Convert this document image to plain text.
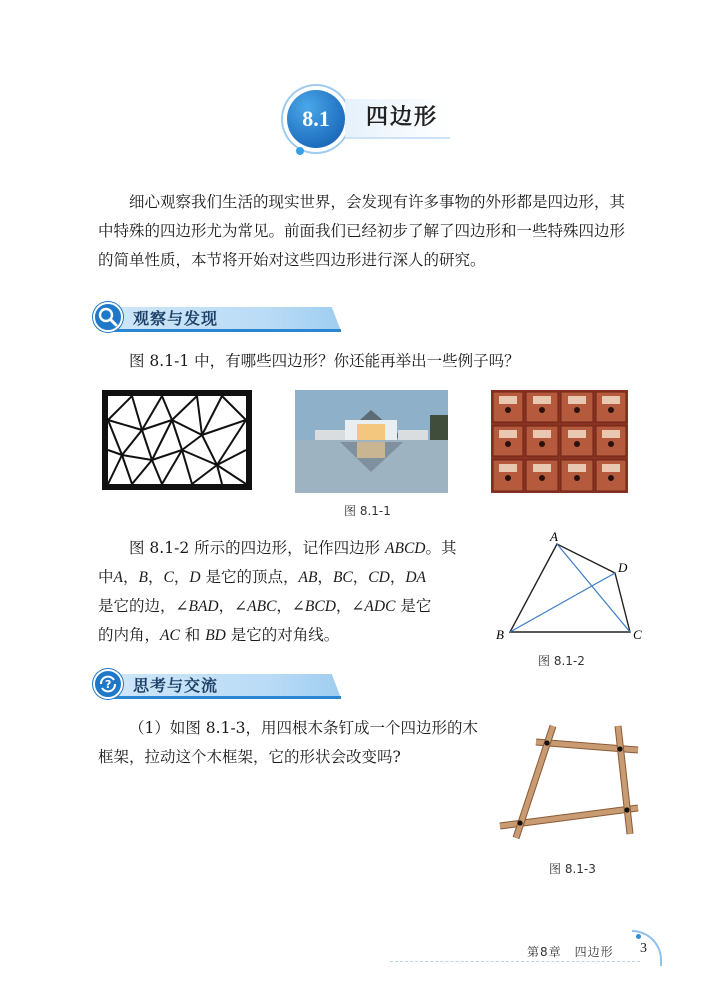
8.1	四边形

细心观察我们生活的现实世界，会发现有许多事物的外形都是四边形，其

中特殊的四边形尤为常见。前面我们已经初步了解了四边形和一些特殊四边形

的简单性质，本节将开始对这些四边形进行深人的研究。

观察与发现

图 8.1-1 中，有哪些四边形？你还能再举出一些例子吗？

图 8.1-1

图 8.1-2 所示的四边形，记作四边形 ABCD。其

中A，B，C，D 是它的顶点，AB，BC，CD，DA

是它的边，∠BAD，∠ABC，∠BCD，∠ADC 是它

的内角，AC 和 BD 是它的对角线。

A
B	C
D
图 8.1-2
? 思考与交流

（1）如图 8.1-3，用四根木条钉成一个四边形的木

框架，拉动这个木框架，它的形状会改变吗?

图 8.1-3
第8章　四边形 3
